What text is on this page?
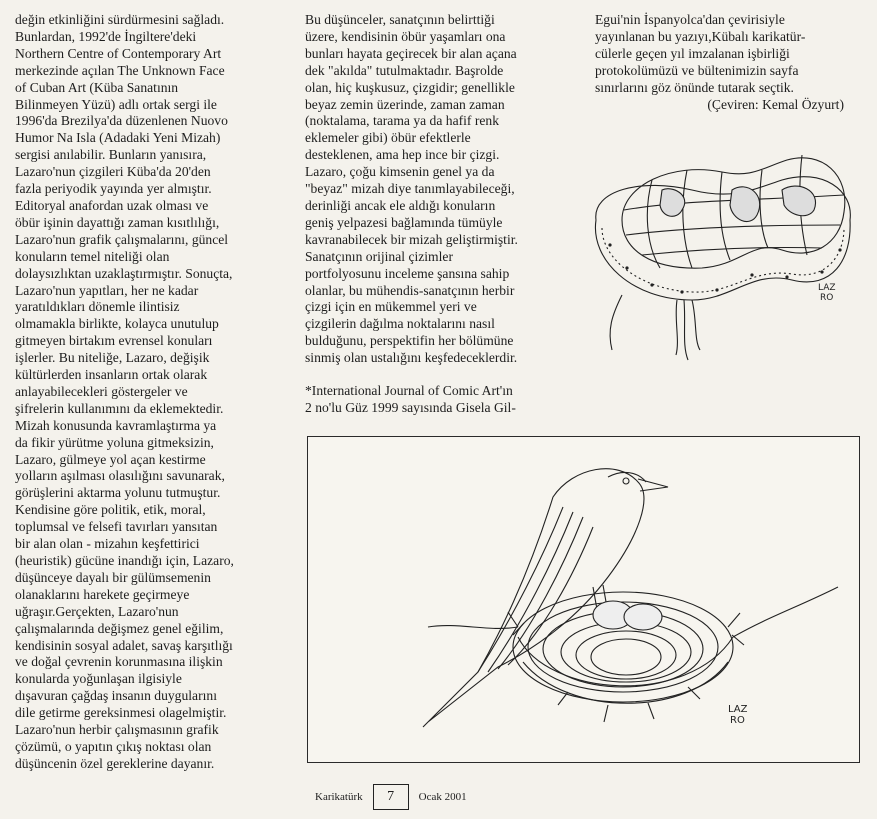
değin etkinliğini sürdürmesini sağladı.

Bunlardan, 1992'de İngiltere'deki

Northern Centre of Contemporary Art

merkezinde açılan The Unknown Face

of Cuban Art (Küba Sanatının

Bilinmeyen Yüzü) adlı ortak sergi ile

1996'da Brezilya'da düzenlenen Nuovo

Humor Na Isla (Adadaki Yeni Mizah)

sergisi anılabilir. Bunların yanısıra,

Lazaro'nun çizgileri Küba'da 20'den

fazla periyodik yayında yer almıştır.

Editoryal anafordan uzak olması ve

öbür işinin dayattığı zaman kısıtlılığı,

Lazaro'nun grafik çalışmalarını, güncel

konuların temel niteliği olan

dolaysızlıktan uzaklaştırmıştır. Sonuçta,

Lazaro'nun yapıtları, her ne kadar

yaratıldıkları dönemle ilintisiz

olmamakla birlikte, kolayca unutulup

gitmeyen birtakım evrensel konuları

işlerler. Bu niteliğe, Lazaro, değişik

kültürlerden insanların ortak olarak

anlayabilecekleri göstergeler ve

şifrelerin kullanımını da eklemektedir.

Mizah konusunda kavramlaştırma ya

da fikir yürütme yoluna gitmeksizin,

Lazaro, gülmeye yol açan kestirme

yolların aşılması olasılığını savunarak,

görüşlerini aktarma yolunu tutmuştur.

Kendisine göre politik, etik, moral,

toplumsal ve felsefi tavırları yansıtan

bir alan olan - mizahın keşfettirici

(heuristik) gücüne inandığı için, Lazaro,

düşünceye dayalı bir gülümsemenin

olanaklarını harekete geçirmeye

uğraşır.Gerçekten, Lazaro'nun

çalışmalarında değişmez genel eğilim,

kendisinin sosyal adalet, savaş karşıtlığı

ve doğal çevrenin korunmasına ilişkin

konularda yoğunlaşan ilgisiyle

dışavuran çağdaş insanın duygularını

dile getirme gereksinmesi olagelmiştir.

Lazaro'nun herbir çalışmasının grafik

çözümü, o yapıtın çıkış noktası olan

düşüncenin özel gereklerine dayanır.

Bu düşünceler, sanatçının belirttiği

üzere, kendisinin öbür yaşamları ona

bunları hayata geçirecek bir alan açana

dek "akılda" tutulmaktadır. Başrolde

olan, hiç kuşkusuz, çizgidir; genellikle

beyaz zemin üzerinde, zaman zaman

(noktalama, tarama ya da hafif renk

eklemeler gibi) öbür efektlerle

desteklenen, ama hep ince bir çizgi.

Lazaro, çoğu kimsenin genel ya da

"beyaz" mizah diye tanımlayabileceği,

derinliği ancak ele aldığı konuların

geniş yelpazesi bağlamında tümüyle

kavranabilecek bir mizah geliştirmiştir.

Sanatçının orijinal çizimler

portfolyosunu inceleme şansına sahip

olanlar, bu mühendis-sanatçının herbir

çizgi için en mükemmel yeri ve

çizgilerin dağılma noktalarını nasıl

bulduğunu, perspektifin her bölümüne

sinmiş olan ustalığını keşfedeceklerdir.

*International Journal of Comic Art'ın

2 no'lu Güz 1999 sayısında Gisela Gil-

Egui'nin İspanyolca'dan çevirisiyle

yayınlanan bu yazıyı,Kübalı karikatür-

cülerle geçen yıl imzalanan işbirliği

protokolümüzü ve bültenimizin sayfa

sınırlarını göz önünde tutarak seçtik.

(Çeviren: Kemal Özyurt)

LAZ
RO
LAZ
RO
Karikatürk	7	Ocak 2001
